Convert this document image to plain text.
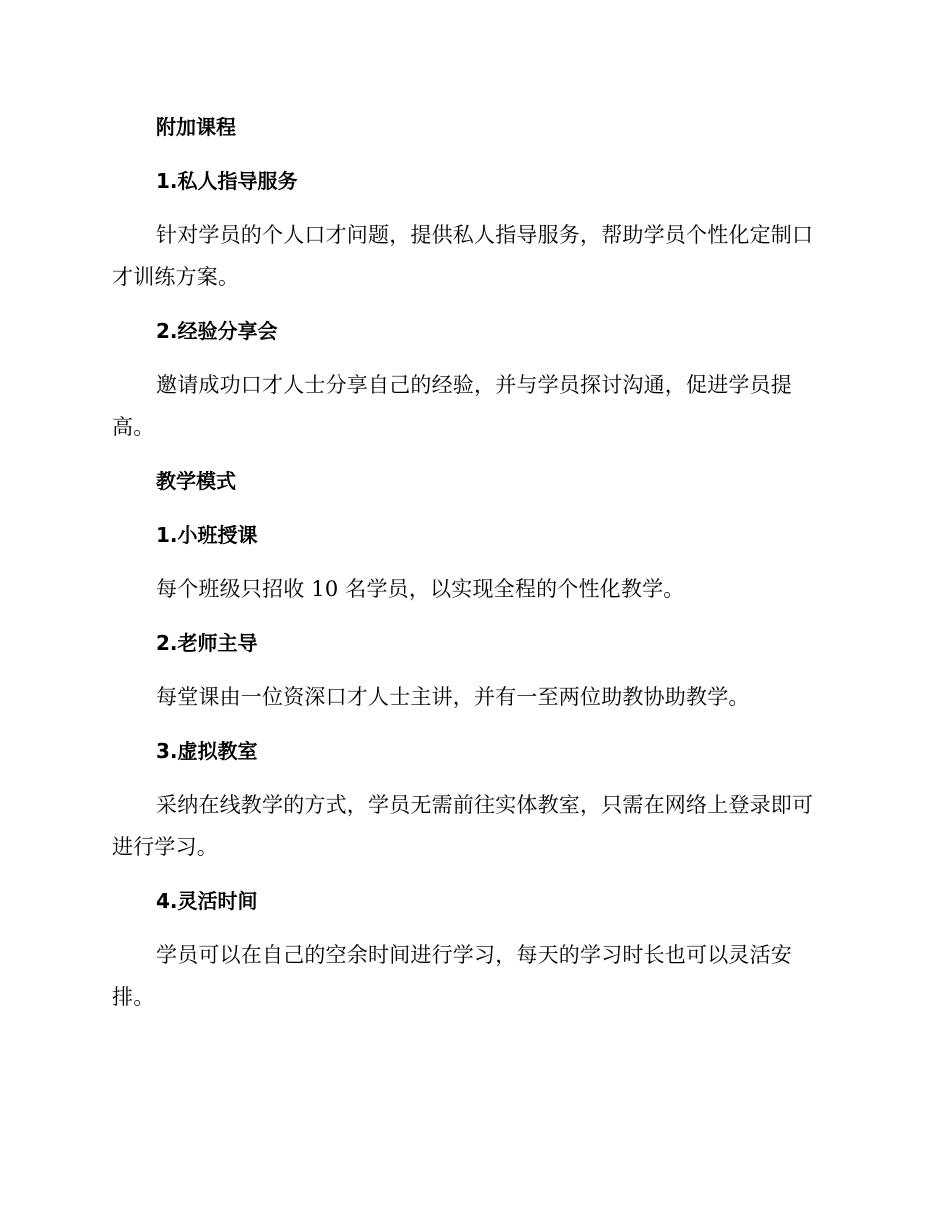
附加课程
1.私人指导服务
针对学员的个人口才问题，提供私人指导服务，帮助学员个性化定制口才训练方案。
2.经验分享会
邀请成功口才人士分享自己的经验，并与学员探讨沟通，促进学员提高。
教学模式
1.小班授课
每个班级只招收 10 名学员，以实现全程的个性化教学。
2.老师主导
每堂课由一位资深口才人士主讲，并有一至两位助教协助教学。
3.虚拟教室
采纳在线教学的方式，学员无需前往实体教室，只需在网络上登录即可进行学习。
4.灵活时间
学员可以在自己的空余时间进行学习，每天的学习时长也可以灵活安排。
